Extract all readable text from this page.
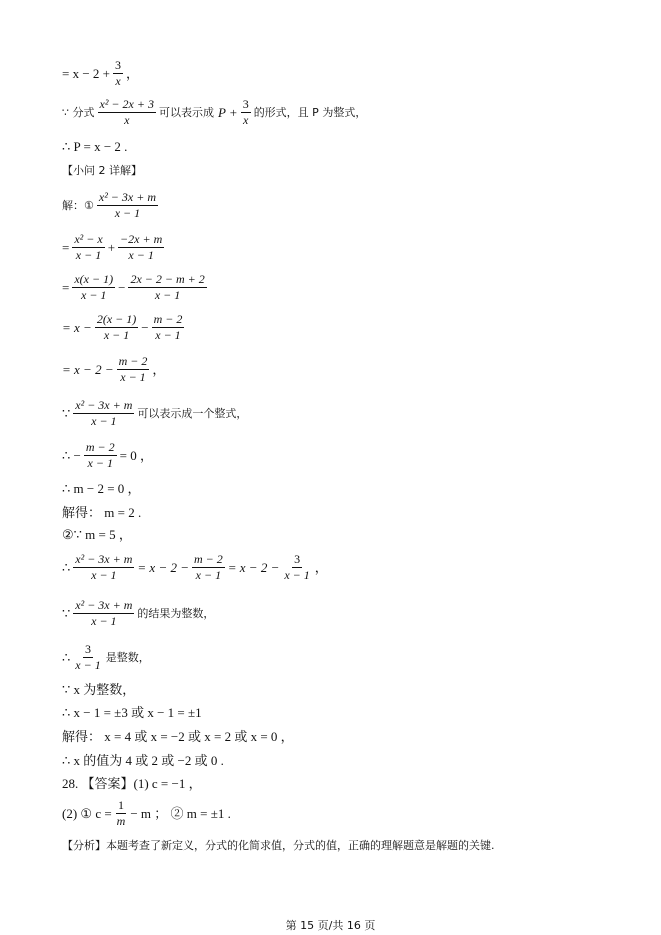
= $x - 2 + \frac{3}{x}$ ，
∵ 分式 $\frac{\text{x² − 2x + 3}}{x}$ 可以表示成 $P + \frac{3}{x}$ 的形式，且 P 为整式，
∴ P = x − 2 .
【小问 2 详解】
解：① $\frac{\text{x² − 3x + m}}{x - 1}$
= $\frac{\text{x² − x}}{x - 1} + \frac{-2x + m}{x - 1}$
= $\frac{x(x - 1)}{x - 1} - \frac{2x - 2 - m + 2}{x - 1}$
= $x - \frac{2(x - 1)}{x - 1} - \frac{m - 2}{x - 1}$
= $x - 2 - \frac{m - 2}{x - 1}$ ，
∵ $\frac{\text{x² − 3x + m}}{x - 1}$ 可以表示成一个整式，
∴ − $\frac{m - 2}{x - 1} = 0$ ，
∴ m − 2 = 0 ，
解得： m = 2 .
②∵ m = 5 ，
∴ $\frac{\text{x² − 3x + m}}{x - 1} = x - 2 - \frac{m - 2}{x - 1} = x - 2 - \frac{3}{x - 1}$ ，
∵ $\frac{\text{x² − 3x + m}}{x - 1}$ 的结果为整数，
∴ $\frac{3}{x - 1}$ 是整数，
∵ x 为整数，
∴ x − 1 = ±3 或 x − 1 = ±1
解得： x = 4 或 x = −2 或 x = 2 或 x = 0 ，
∴ x 的值为 4 或 2 或 −2 或 0 .
28. 【答案】(1) c = −1 ，
(2) ① $c = \frac{1}{m} - m$ ； ② m = ±1 .
【分析】本题考查了新定义，分式的化简求值，分式的值，正确的理解题意是解题的关键.
第 15 页/共 16 页
